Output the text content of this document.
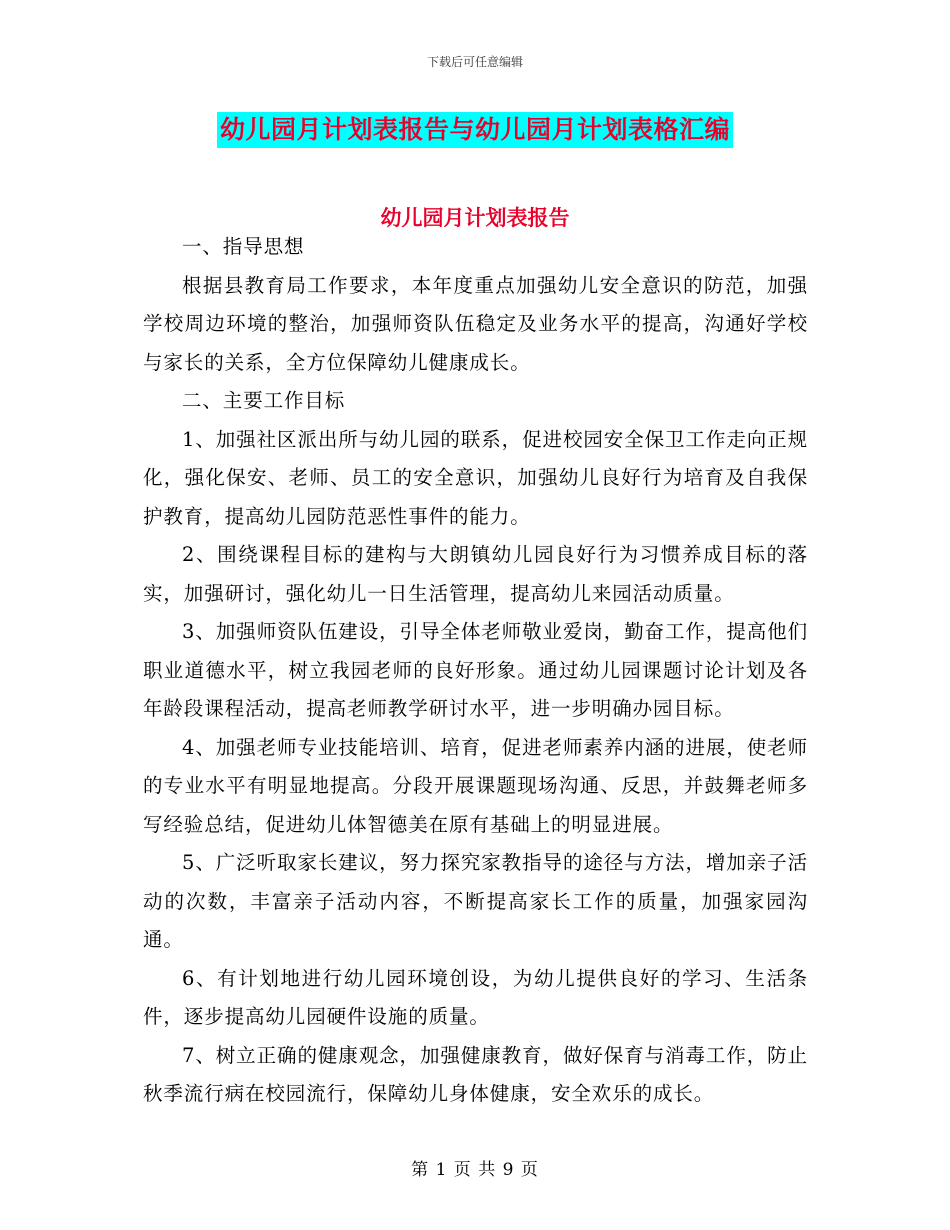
下载后可任意编辑
幼儿园月计划表报告与幼儿园月计划表格汇编
幼儿园月计划表报告

一、指导思想

根据县教育局工作要求，本年度重点加强幼儿安全意识的防范，加强学校周边环境的整治，加强师资队伍稳定及业务水平的提高，沟通好学校与家长的关系，全方位保障幼儿健康成长。

二、主要工作目标

1、加强社区派出所与幼儿园的联系，促进校园安全保卫工作走向正规化，强化保安、老师、员工的安全意识，加强幼儿良好行为培育及自我保护教育，提高幼儿园防范恶性事件的能力。

2、围绕课程目标的建构与大朗镇幼儿园良好行为习惯养成目标的落实，加强研讨，强化幼儿一日生活管理，提高幼儿来园活动质量。

3、加强师资队伍建设，引导全体老师敬业爱岗，勤奋工作，提高他们职业道德水平，树立我园老师的良好形象。通过幼儿园课题讨论计划及各年龄段课程活动，提高老师教学研讨水平，进一步明确办园目标。

4、加强老师专业技能培训、培育，促进老师素养内涵的进展，使老师的专业水平有明显地提高。分段开展课题现场沟通、反思，并鼓舞老师多写经验总结，促进幼儿体智德美在原有基础上的明显进展。

5、广泛听取家长建议，努力探究家教指导的途径与方法，增加亲子活动的次数，丰富亲子活动内容，不断提高家长工作的质量，加强家园沟通。

6、有计划地进行幼儿园环境创设，为幼儿提供良好的学习、生活条件，逐步提高幼儿园硬件设施的质量。

7、树立正确的健康观念，加强健康教育，做好保育与消毒工作，防止秋季流行病在校园流行，保障幼儿身体健康，安全欢乐的成长。

第 1 页 共 9 页
